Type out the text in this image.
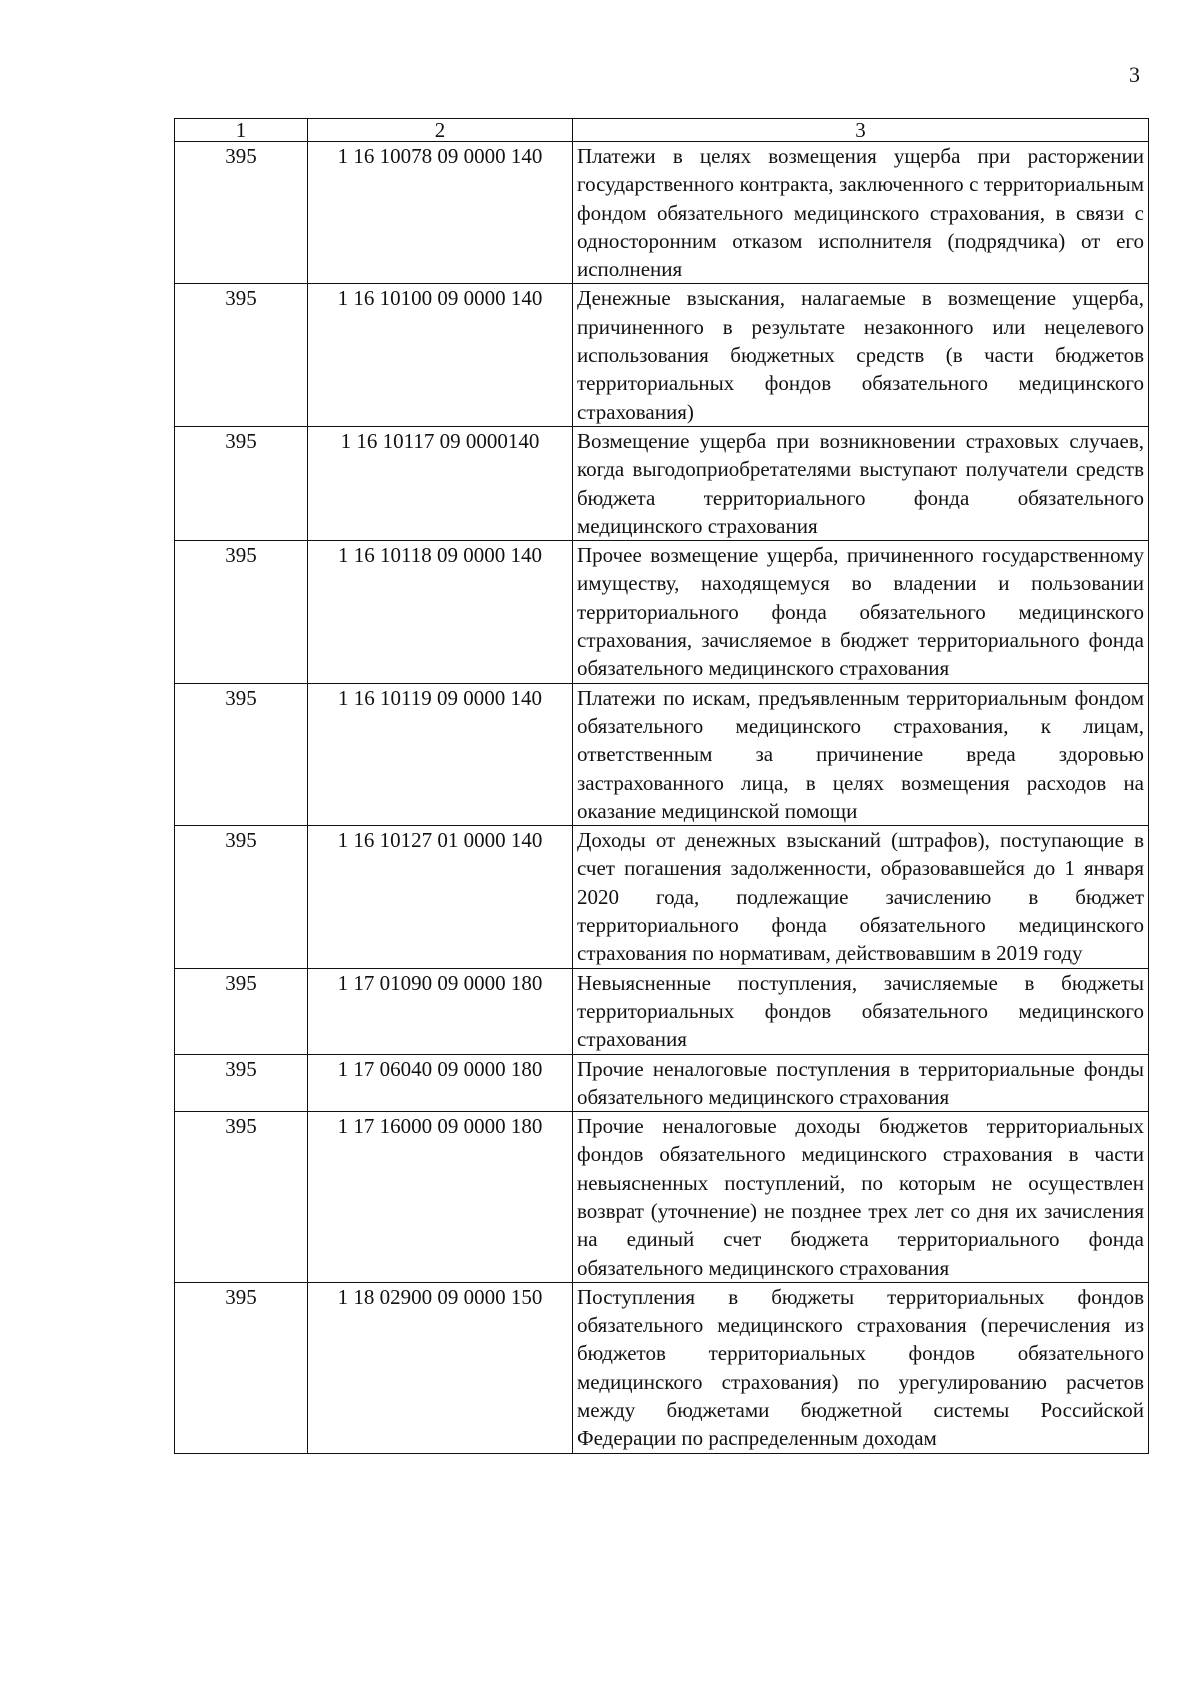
3
1	2	3
395	1 16 10078 09 0000 140	Платежи в целях возмещения ущерба при расторжении государственного контракта, заключенного с территориальным фондом обязательного медицинского страхования, в связи с односторонним отказом исполнителя (подрядчика) от его исполнения
395	1 16 10100 09 0000 140	Денежные взыскания, налагаемые в возмещение ущерба, причиненного в результате незаконного или нецелевого использования бюджетных средств (в части бюджетов территориальных фондов обязательного медицинского страхования)
395	1 16 10117 09 0000140	Возмещение ущерба при возникновении страховых случаев, когда выгодоприобретателями выступают получатели средств бюджета территориального фонда обязательного медицинского страхования
395	1 16 10118 09 0000 140	Прочее возмещение ущерба, причиненного государственному имуществу, находящемуся во владении и пользовании территориального фонда обязательного медицинского страхования, зачисляемое в бюджет территориального фонда обязательного медицинского страхования
395	1 16 10119 09 0000 140	Платежи по искам, предъявленным территориальным фондом обязательного медицинского страхования, к лицам, ответственным за причинение вреда здоровью застрахованного лица, в целях возмещения расходов на оказание медицинской помощи
395	1 16 10127 01 0000 140	Доходы от денежных взысканий (штрафов), поступающие в счет погашения задолженности, образовавшейся до 1 января 2020 года, подлежащие зачислению в бюджет территориального фонда обязательного медицинского страхования по нормативам, действовавшим в 2019 году
395	1 17 01090 09 0000 180	Невыясненные поступления, зачисляемые в бюджеты территориальных фондов обязательного медицинского страхования
395	1 17 06040 09 0000 180	Прочие неналоговые поступления в территориальные фонды обязательного медицинского страхования
395	1 17 16000 09 0000 180	Прочие неналоговые доходы бюджетов территориальных фондов обязательного медицинского страхования в части невыясненных поступлений, по которым не осуществлен возврат (уточнение) не позднее трех лет со дня их зачисления на единый счет бюджета территориального фонда обязательного медицинского страхования
395	1 18 02900 09 0000 150	Поступления в бюджеты территориальных фондов обязательного медицинского страхования (перечисления из бюджетов территориальных фондов обязательного медицинского страхования) по урегулированию расчетов между бюджетами бюджетной системы Российской Федерации по распределенным доходам
